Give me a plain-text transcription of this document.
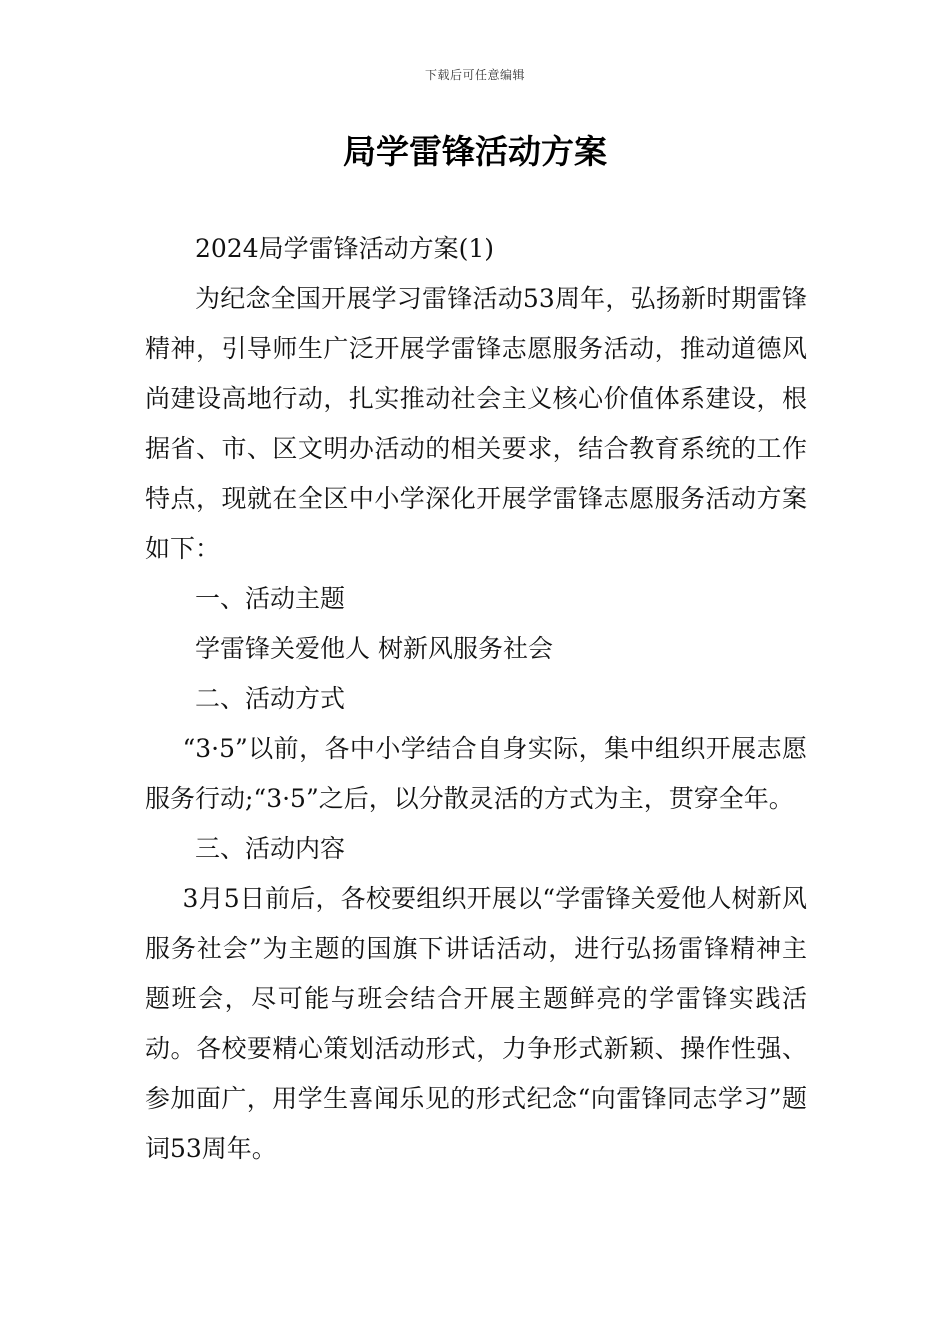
下载后可任意编辑
局学雷锋活动方案

2024局学雷锋活动方案(1)

为纪念全国开展学习雷锋活动53周年，弘扬新时期雷锋精神，引导师生广泛开展学雷锋志愿服务活动，推动道德风尚建设高地行动，扎实推动社会主义核心价值体系建设，根据省、市、区文明办活动的相关要求，结合教育系统的工作特点，现就在全区中小学深化开展学雷锋志愿服务活动方案如下：

一、活动主题

学雷锋关爱他人 树新风服务社会

二、活动方式

“3·5”以前，各中小学结合自身实际，集中组织开展志愿服务行动;“3·5”之后，以分散灵活的方式为主，贯穿全年。

三、活动内容

3月5日前后，各校要组织开展以“学雷锋关爱他人树新风服务社会”为主题的国旗下讲话活动，进行弘扬雷锋精神主题班会，尽可能与班会结合开展主题鲜亮的学雷锋实践活动。各校要精心策划活动形式，力争形式新颖、操作性强、参加面广，用学生喜闻乐见的形式纪念“向雷锋同志学习”题词53周年。
